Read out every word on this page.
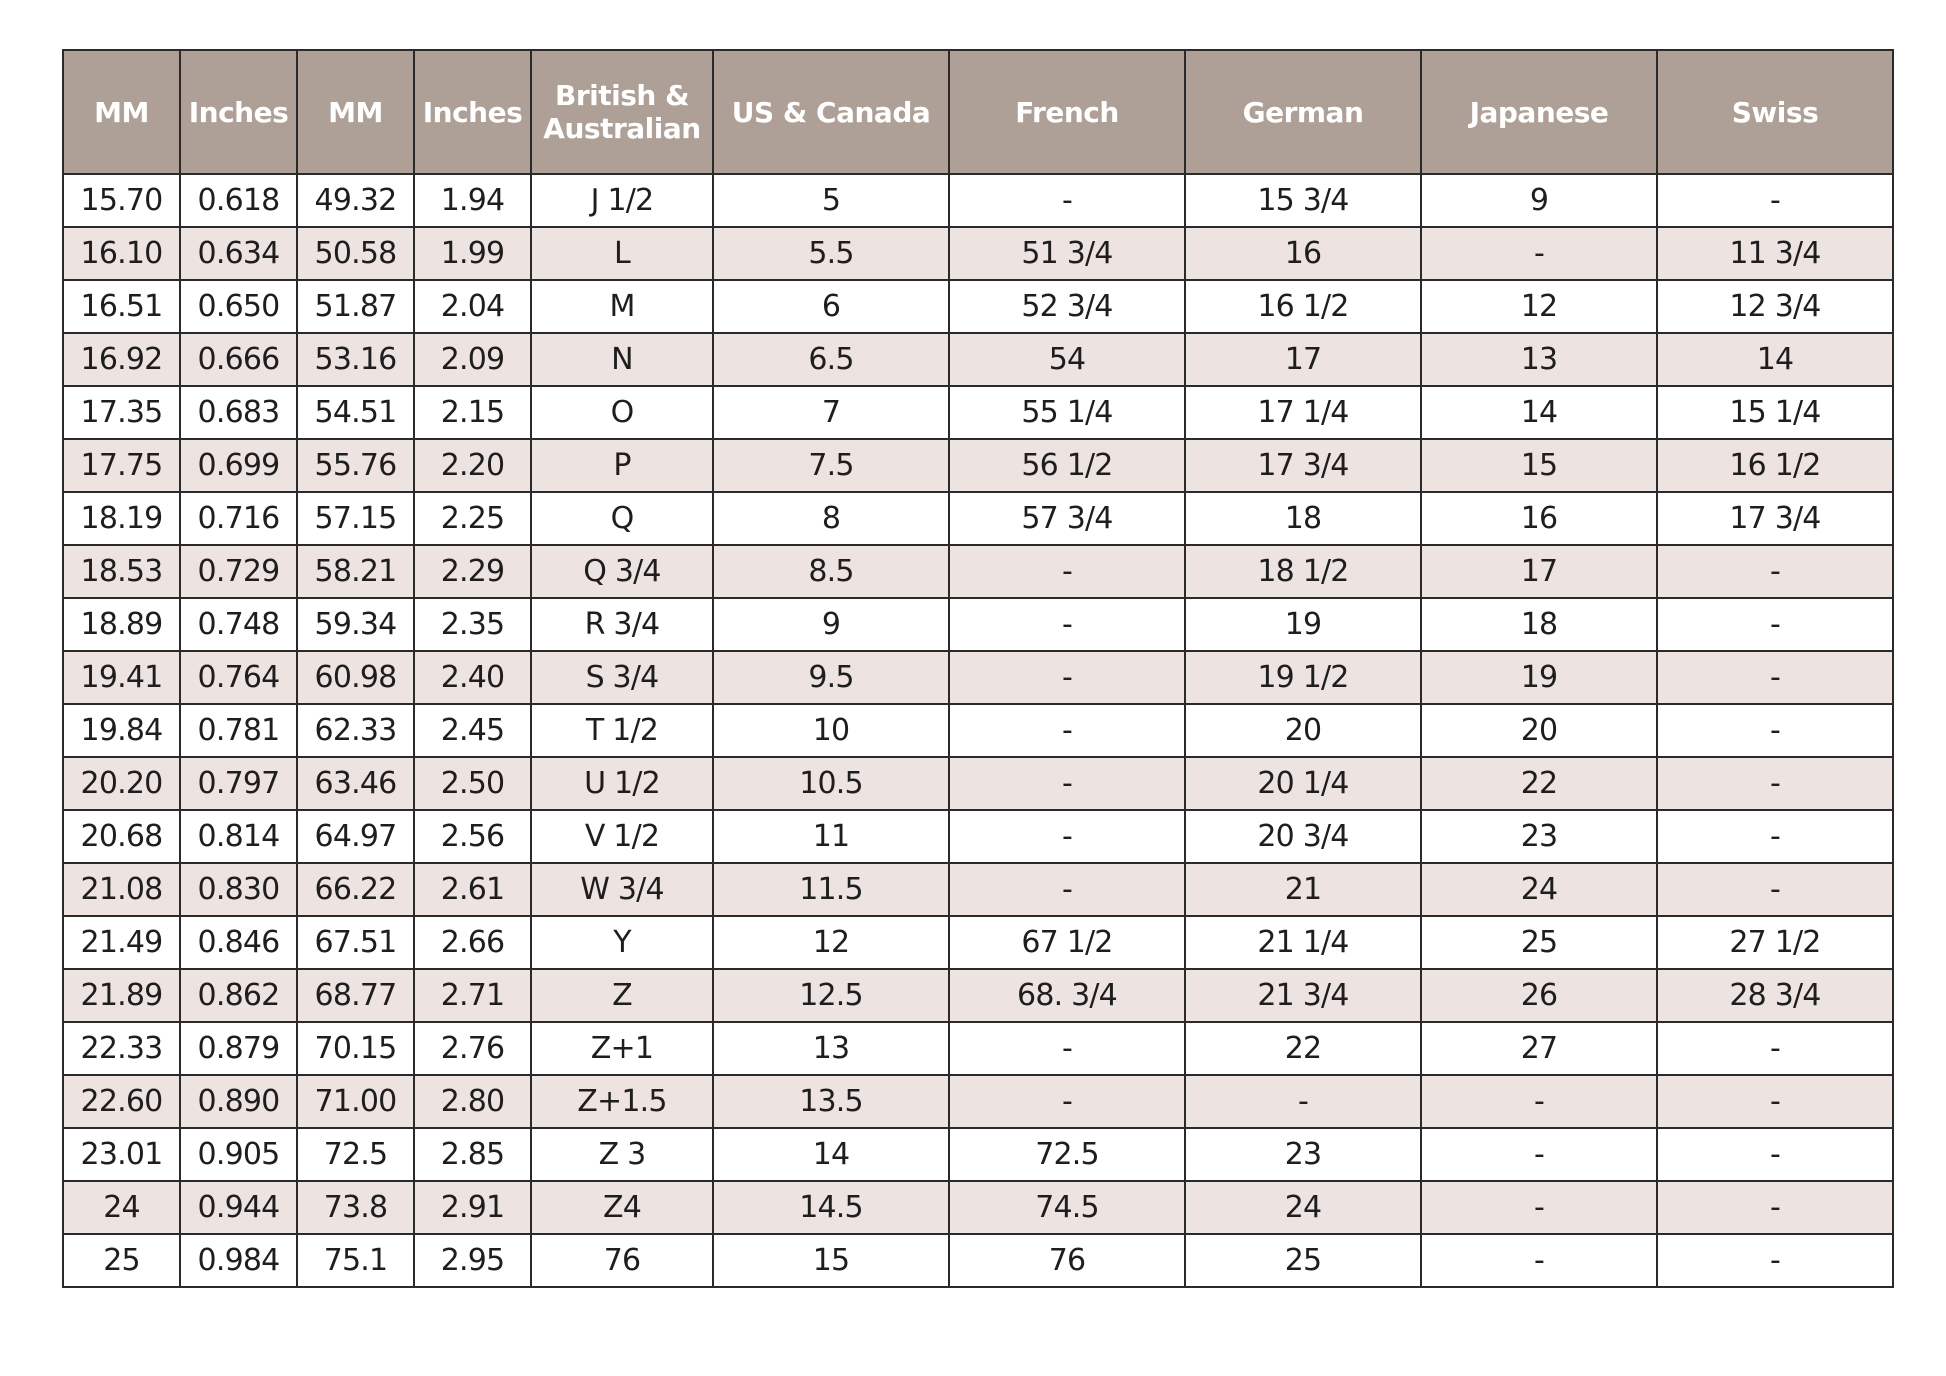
MM	Inches	MM	Inches	British & Australian	US & Canada	French	German	Japanese	Swiss
15.70	0.618	49.32	1.94	J 1/2	5	-	15 3/4	9	-
16.10	0.634	50.58	1.99	L	5.5	51 3/4	16	-	11 3/4
16.51	0.650	51.87	2.04	M	6	52 3/4	16 1/2	12	12 3/4
16.92	0.666	53.16	2.09	N	6.5	54	17	13	14
17.35	0.683	54.51	2.15	O	7	55 1/4	17 1/4	14	15 1/4
17.75	0.699	55.76	2.20	P	7.5	56 1/2	17 3/4	15	16 1/2
18.19	0.716	57.15	2.25	Q	8	57 3/4	18	16	17 3/4
18.53	0.729	58.21	2.29	Q 3/4	8.5	-	18 1/2	17	-
18.89	0.748	59.34	2.35	R 3/4	9	-	19	18	-
19.41	0.764	60.98	2.40	S 3/4	9.5	-	19 1/2	19	-
19.84	0.781	62.33	2.45	T 1/2	10	-	20	20	-
20.20	0.797	63.46	2.50	U 1/2	10.5	-	20 1/4	22	-
20.68	0.814	64.97	2.56	V 1/2	11	-	20 3/4	23	-
21.08	0.830	66.22	2.61	W 3/4	11.5	-	21	24	-
21.49	0.846	67.51	2.66	Y	12	67 1/2	21 1/4	25	27 1/2
21.89	0.862	68.77	2.71	Z	12.5	68. 3/4	21 3/4	26	28 3/4
22.33	0.879	70.15	2.76	Z+1	13	-	22	27	-
22.60	0.890	71.00	2.80	Z+1.5	13.5	-	-	-	-
23.01	0.905	72.5	2.85	Z 3	14	72.5	23	-	-
24	0.944	73.8	2.91	Z4	14.5	74.5	24	-	-
25	0.984	75.1	2.95	76	15	76	25	-	-
